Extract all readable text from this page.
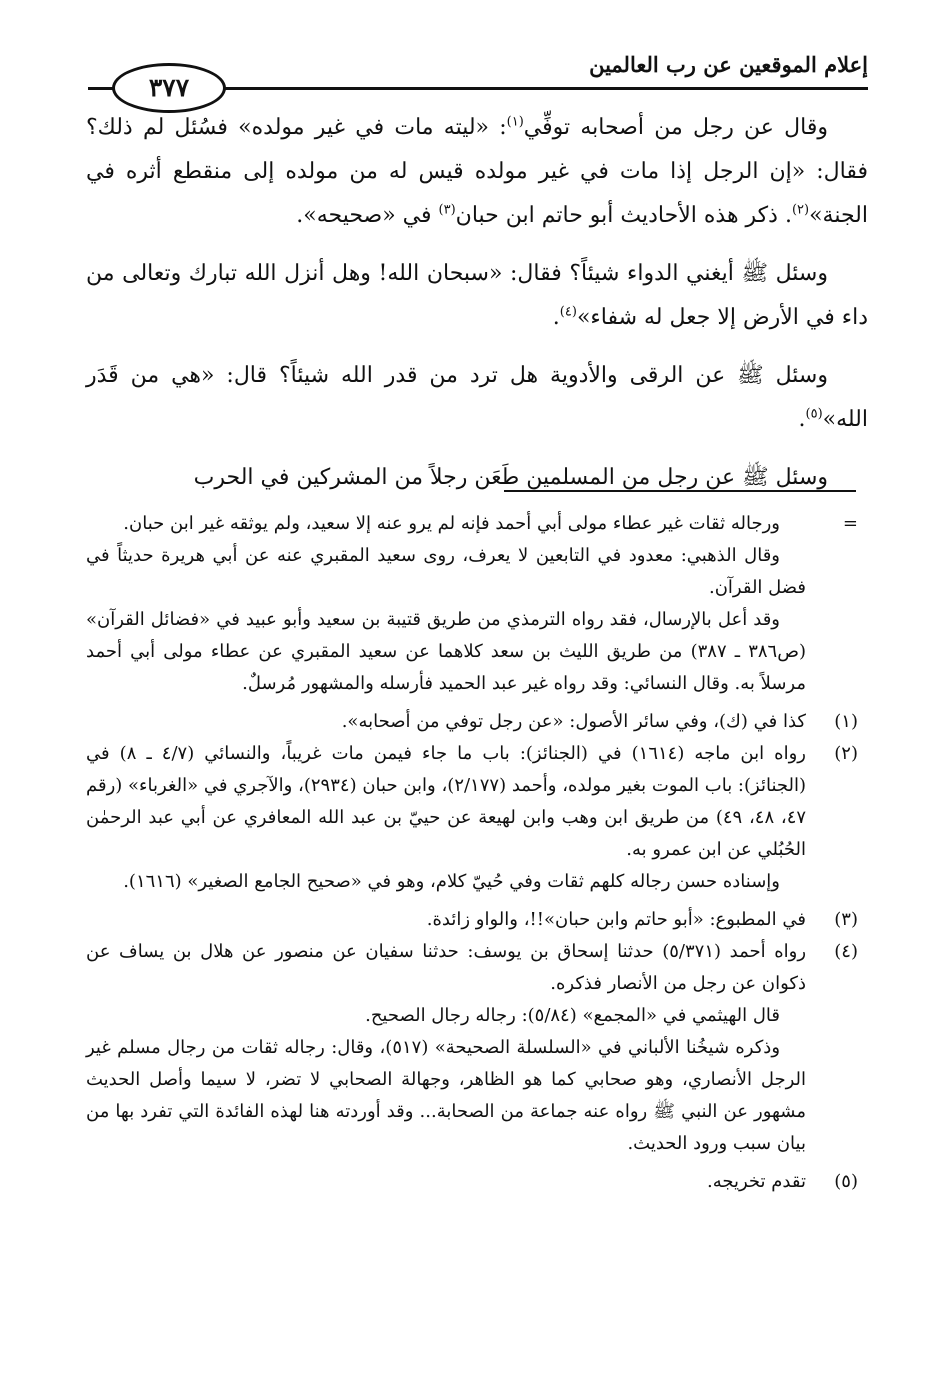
إعلام الموقعين عن رب العالمين
٣٧٧

وقال عن رجل من أصحابه توفِّي$^{(١)}$: «ليته مات في غير مولده» فسُئل لم ذلك؟ فقال: «إن الرجل إذا مات في غير مولده قيس له من مولده إلى منقطع أثره في الجنة»$^{(٢)}$. ذكر هذه الأحاديث أبو حاتم ابن حبان$^{(٣)}$ في «صحيحه».

وسئل ﷺ أيغني الدواء شيئاً؟ فقال: «سبحان الله! وهل أنزل الله تبارك وتعالى من داء في الأرض إلا جعل له شفاء»$^{(٤)}$.

وسئل ﷺ عن الرقى والأدوية هل ترد من قدر الله شيئاً؟ قال: «هي من قَدَر الله»$^{(٥)}$.

وسئل ﷺ عن رجل من المسلمين طَعَن رجلاً من المشركين في الحرب

=
ورجاله ثقات غير عطاء مولى أبي أحمد فإنه لم يرو عنه إلا سعيد، ولم يوثقه غير ابن حبان.

وقال الذهبي: معدود في التابعين لا يعرف، روى سعيد المقبري عنه عن أبي هريرة حديثاً في فضل القرآن.

وقد أعل بالإرسال، فقد رواه الترمذي من طريق قتيبة بن سعيد وأبو عبيد في «فضائل القرآن» (ص٣٨٦ ـ ٣٨٧) من طريق الليث بن سعد كلاهما عن سعيد المقبري عن عطاء مولى أبي أحمد مرسلاً به. وقال النسائي: وقد رواه غير عبد الحميد فأرسله والمشهور مُرسلٌ.

(١)
كذا في (ك)، وفي سائر الأصول: «عن رجل توفي من أصحابه».

(٢)
رواه ابن ماجه (١٦١٤) في (الجنائز): باب ما جاء فيمن مات غريباً، والنسائي (٤/٧ ـ ٨) في (الجنائز): باب الموت بغير مولده، وأحمد (٢/١٧٧)، وابن حبان (٢٩٣٤)، والآجري في «الغرباء» (رقم ٤٧، ٤٨، ٤٩) من طريق ابن وهب وابن لهيعة عن حييّ بن عبد الله المعافري عن أبي عبد الرحمٰن الحُبُلي عن ابن عمرو به.

وإسناده حسن رجاله كلهم ثقات وفي حُييّ كلام، وهو في «صحيح الجامع الصغير» (١٦١٦).

(٣)
في المطبوع: «أبو حاتم وابن حبان»!!، والواو زائدة.

(٤)
رواه أحمد (٥/٣٧١) حدثنا إسحاق بن يوسف: حدثنا سفيان عن منصور عن هلال بن يساف عن ذكوان عن رجل من الأنصار فذكره.

قال الهيثمي في «المجمع» (٥/٨٤): رجاله رجال الصحيح.

وذكره شيخُنا الألباني في «السلسلة الصحيحة» (٥١٧)، وقال: رجاله ثقات من رجال مسلم غير الرجل الأنصاري، وهو صحابي كما هو الظاهر، وجهالة الصحابي لا تضر، لا سيما وأصل الحديث مشهور عن النبي ﷺ رواه عنه جماعة من الصحابة... وقد أوردته هنا لهذه الفائدة التي تفرد بها من بيان سبب ورود الحديث.

(٥)
تقدم تخريجه.
